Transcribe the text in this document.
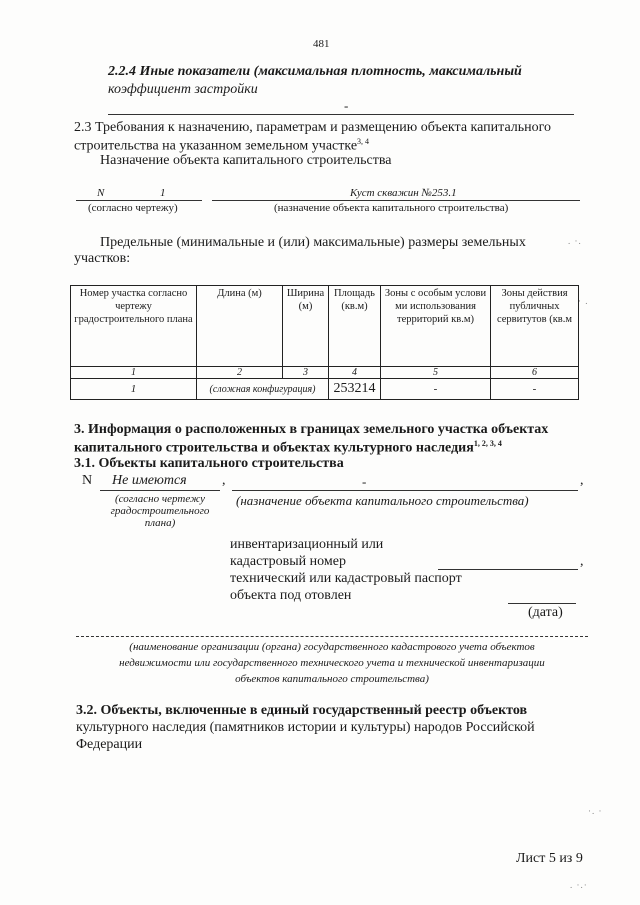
481
2.2.4 Иные показатели (максимальная плотность, максимальный
коэффициент застройки
-
2.3 Требования к назначению, параметрам и размещению объекта капитального
строительства на указанном земельном участке$^{3, 4}$
Назначение объекта капитального строительства
N	1	Куст скважин №253.1
(согласно чертежу)	(назначение объекта капитального строительства)
Предельные (минимальные и (или) максимальные) размеры земельных
участков:
Номер участка согласно чертежу градостроительного плана	Длина (м)	Ширина (м)	Площадь (кв.м)	Зоны с особым услови ми использования территорий кв.м)	Зоны действия публичных сервитутов (кв.м
1	2	3	4	5	6
1	(сложная конфигурация)		253214	-	-
3. Информация о расположенных в границах земельного участка объектах
капитального строительства и объектах культурного наследия$^{1, 2, 3, 4}$
3.1. Объекты капитального строительства
N Не имеются	,	-	,
(согласно чертежу
градостроительного
плана)
(назначение объекта капитального строительства)
инвентаризационный или
кадастровый номер	,
технический или кадастровый паспорт
объекта под отовлен
(дата)
(наименование организации (органа) государственного кадастрового учета объектов
недвижимости или государственного технического учета и технической инвентаризации
объектов капитального строительства)
3.2. Объекты, включенные в единый государственный реестр объектов
культурного наследия (памятников истории и культуры) народов Российской
Федерации
Лист 5 из 9
. ·.
· .
·. ·
. ·.·
